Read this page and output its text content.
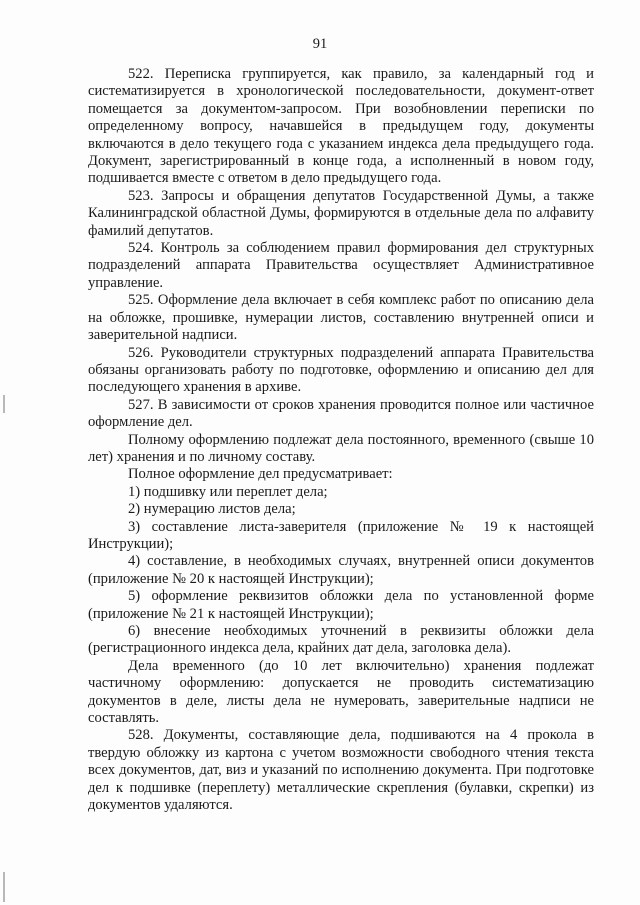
91

522. Переписка группируется, как правило, за календарный год и систематизируется в хронологической последовательности, документ-ответ помещается за документом-запросом. При возобновлении переписки по определенному вопросу, начавшейся в предыдущем году, документы включаются в дело текущего года с указанием индекса дела предыдущего года. Документ, зарегистрированный в конце года, а исполненный в новом году, подшивается вместе с ответом в дело предыдущего года.

523. Запросы и обращения депутатов Государственной Думы, а также Калининградской областной Думы, формируются в отдельные дела по алфавиту фамилий депутатов.

524. Контроль за соблюдением правил формирования дел структурных подразделений аппарата Правительства осуществляет Административное управление.

525. Оформление дела включает в себя комплекс работ по описанию дела на обложке, прошивке, нумерации листов, составлению внутренней описи и заверительной надписи.

526. Руководители структурных подразделений аппарата Правительства обязаны организовать работу по подготовке, оформлению и описанию дел для последующего хранения в архиве.

527. В зависимости от сроков хранения проводится полное или частичное оформление дел.

Полному оформлению подлежат дела постоянного, временного (свыше 10 лет) хранения и по личному составу.

Полное оформление дел предусматривает:

1) подшивку или переплет дела;

2) нумерацию листов дела;

3) составление листа-заверителя (приложение № 19 к настоящей Инструкции);

4) составление, в необходимых случаях, внутренней описи документов (приложение № 20 к настоящей Инструкции);

5) оформление реквизитов обложки дела по установленной форме (приложение № 21 к настоящей Инструкции);

6) внесение необходимых уточнений в реквизиты обложки дела (регистрационного индекса дела, крайних дат дела, заголовка дела).

Дела временного (до 10 лет включительно) хранения подлежат частичному оформлению: допускается не проводить систематизацию документов в деле, листы дела не нумеровать, заверительные надписи не составлять.

528. Документы, составляющие дела, подшиваются на 4 прокола в твердую обложку из картона с учетом возможности свободного чтения текста всех документов, дат, виз и указаний по исполнению документа. При подготовке дел к подшивке (переплету) металлические скрепления (булавки, скрепки) из документов удаляются.
